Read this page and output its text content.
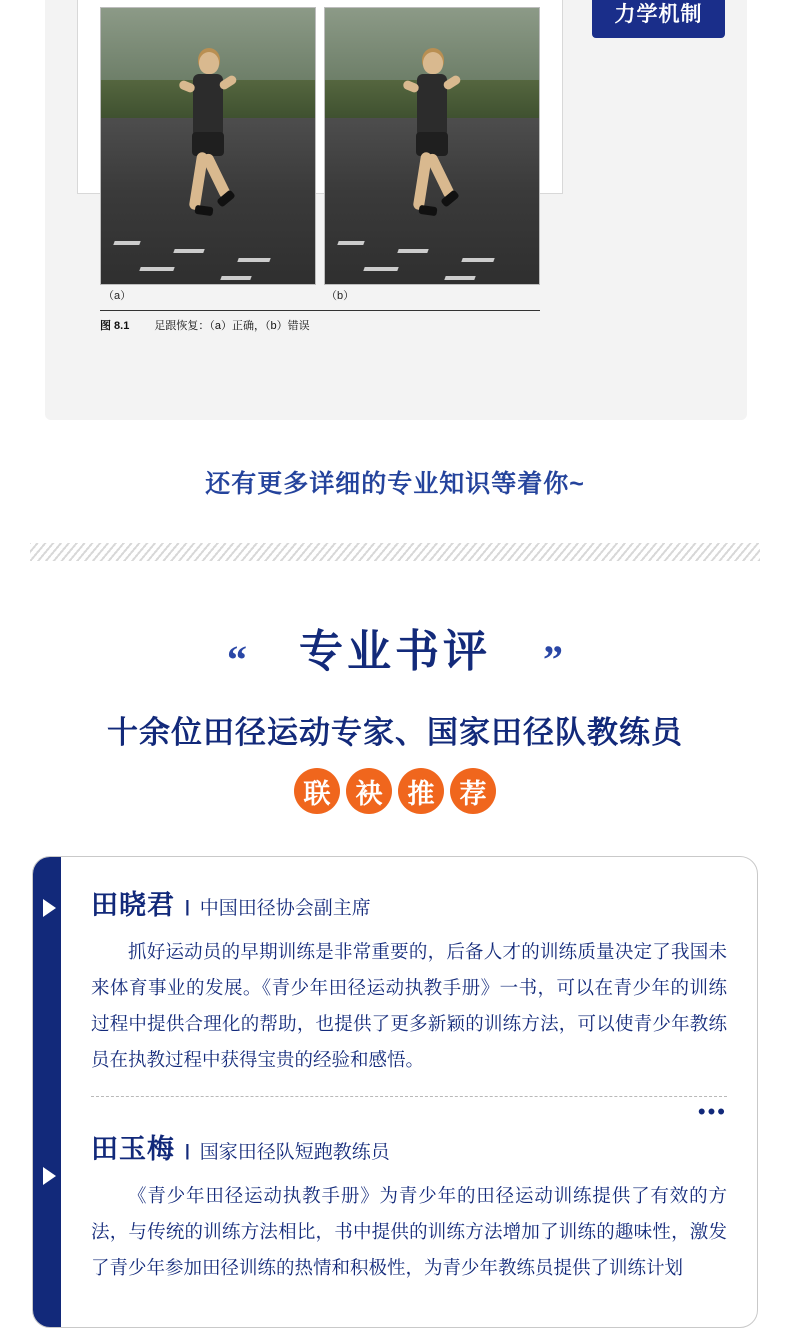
（a）	（b）
图 8.1 足跟恢复：（a）正确，（b）错误
力学机制
还有更多详细的专业知识等着你~
“ 专业书评 ”
十余位田径运动专家、国家田径队教练员
联 袂 推 荐
田晓君 | 中国田径协会副主席
抓好运动员的早期训练是非常重要的，后备人才的训练质量决定了我国未来体育事业的发展。《青少年田径运动执教手册》一书，可以在青少年的训练过程中提供合理化的帮助，也提供了更多新颖的训练方法，可以使青少年教练员在执教过程中获得宝贵的经验和感悟。
•••
田玉梅 | 国家田径队短跑教练员
《青少年田径运动执教手册》为青少年的田径运动训练提供了有效的方法，与传统的训练方法相比，书中提供的训练方法增加了训练的趣味性，激发了青少年参加田径训练的热情和积极性，为青少年教练员提供了训练计划
